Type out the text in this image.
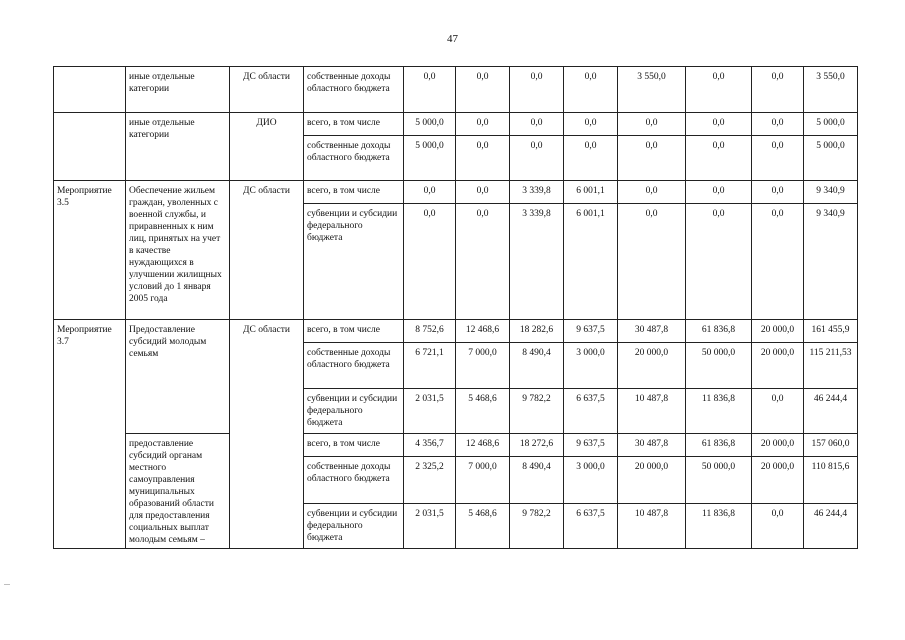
47
	иные отдельные категории	ДС области	собственные доходы областного бюджета	0,0	0,0	0,0	0,0	3 550,0	0,0	0,0	3 550,0
	иные отдельные категории	ДИО	всего, в том числе	5 000,0	0,0	0,0	0,0	0,0	0,0	0,0	5 000,0
			собственные доходы областного бюджета	5 000,0	0,0	0,0	0,0	0,0	0,0	0,0	5 000,0
Мероприятие 3.5	Обеспечение жильем граждан, уволенных с военной службы, и приравненных к ним лиц, принятых на учет в качестве нуждающихся в улучшении жилищных условий до 1 января 2005 года	ДС области	всего, в том числе	0,0	0,0	3 339,8	6 001,1	0,0	0,0	0,0	9 340,9
			субвенции и субсидии федерального бюджета	0,0	0,0	3 339,8	6 001,1	0,0	0,0	0,0	9 340,9
Мероприятие 3.7	Предоставление субсидий молодым семьям	ДС области	всего, в том числе	8 752,6	12 468,6	18 282,6	9 637,5	30 487,8	61 836,8	20 000,0	161 455,9
			собственные доходы областного бюджета	6 721,1	7 000,0	8 490,4	3 000,0	20 000,0	50 000,0	20 000,0	115 211,53
			субвенции и субсидии федерального бюджета	2 031,5	5 468,6	9 782,2	6 637,5	10 487,8	11 836,8	0,0	46 244,4
	предоставление субсидий органам местного самоуправления муниципальных образований области для предоставления социальных выплат молодым семьям –		всего, в том числе	4 356,7	12 468,6	18 272,6	9 637,5	30 487,8	61 836,8	20 000,0	157 060,0
			собственные доходы областного бюджета	2 325,2	7 000,0	8 490,4	3 000,0	20 000,0	50 000,0	20 000,0	110 815,6
			субвенции и субсидии федерального бюджета	2 031,5	5 468,6	9 782,2	6 637,5	10 487,8	11 836,8	0,0	46 244,4
...
